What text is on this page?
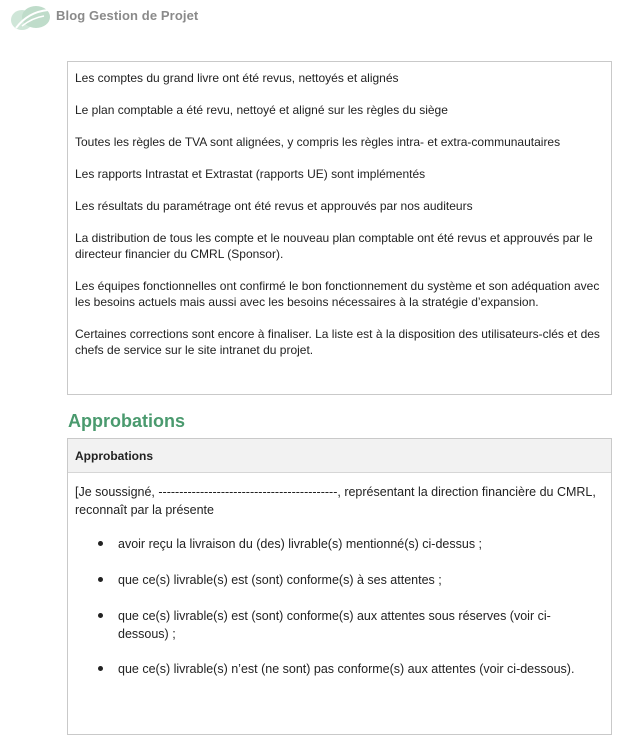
Blog Gestion de Projet

Les comptes du grand livre ont été revus, nettoyés et alignés

Le plan comptable a été revu, nettoyé et aligné sur les règles du siège

Toutes les règles de TVA sont alignées, y compris les règles intra- et extra-communautaires

Les rapports Intrastat et Extrastat (rapports UE) sont implémentés

Les résultats du paramétrage ont été revus et approuvés par nos auditeurs

La distribution de tous les compte et le nouveau plan comptable ont été revus et approuvés par le directeur financier du CMRL (Sponsor).

Les équipes fonctionnelles ont confirmé le bon fonctionnement du système et son adéquation avec les besoins actuels mais aussi avec les besoins nécessaires à la stratégie d’expansion.

Certaines corrections sont encore à finaliser. La liste est à la disposition des utilisateurs-clés et des chefs de service sur le site intranet du projet.

Approbations
Approbations

[Je soussigné, -------------------------------------------, représentant la direction financière du CMRL, reconnaît par la présente

avoir reçu la livraison du (des) livrable(s) mentionné(s) ci-dessus ;
que ce(s) livrable(s) est (sont) conforme(s) à ses attentes ;
que ce(s) livrable(s) est (sont) conforme(s) aux attentes sous réserves (voir ci-dessous) ;
que ce(s) livrable(s) n’est (ne sont) pas conforme(s) aux attentes (voir ci-dessous).
